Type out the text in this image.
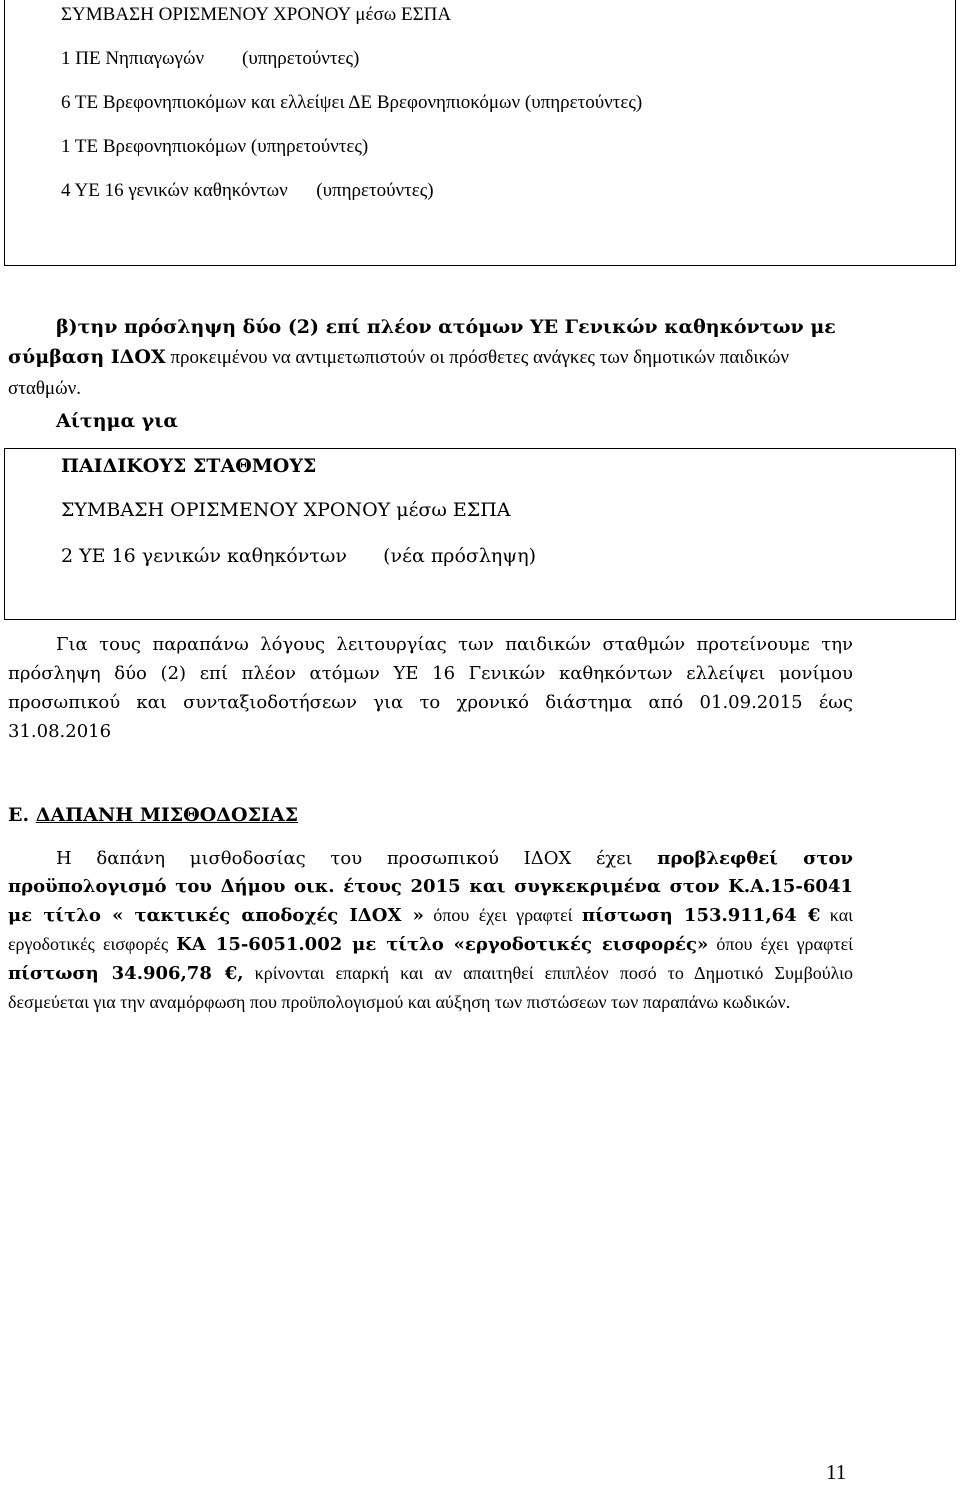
ΣΥΜΒΑΣΗ ΟΡΙΣΜΕΝΟΥ ΧΡΟΝΟΥ μέσω ΕΣΠΑ
1 ΠΕ Νηπιαγωγών        (υπηρετούντες)
6 ΤΕ Βρεφονηπιοκόμων και ελλείψει ΔΕ Βρεφονηπιοκόμων (υπηρετούντες)
1 ΤΕ Βρεφονηπιοκόμων (υπηρετούντες)
4 ΥΕ 16 γενικών καθηκόντων      (υπηρετούντες)
β)την πρόσληψη δύο (2) επί πλέον ατόμων ΥΕ Γενικών καθηκόντων με σύμβαση ΙΔΟΧ προκειμένου να αντιμετωπιστούν οι πρόσθετες ανάγκες των δημοτικών παιδικών σταθμών.
Αίτημα για
ΠΑΙΔΙΚΟΥΣ ΣΤΑΘΜΟΥΣ
ΣΥΜΒΑΣΗ ΟΡΙΣΜΕΝΟΥ ΧΡΟΝΟΥ μέσω ΕΣΠΑ
2 ΥΕ 16 γενικών καθηκόντων      (νέα πρόσληψη)
Για τους παραπάνω λόγους λειτουργίας των παιδικών σταθμών προτείνουμε την πρόσληψη δύο (2) επί πλέον ατόμων ΥΕ 16 Γενικών καθηκόντων ελλείψει μονίμου προσωπικού και συνταξιοδοτήσεων για το χρονικό διάστημα από 01.09.2015 έως 31.08.2016
Ε. ΔΑΠΑΝΗ ΜΙΣΘΟΔΟΣΙΑΣ
Η δαπάνη μισθοδοσίας του προσωπικού ΙΔΟΧ έχει προβλεφθεί στον προϋπολογισμό του Δήμου οικ. έτους 2015 και συγκεκριμένα στον Κ.Α.15-6041 με τίτλο « τακτικές αποδοχές ΙΔΟΧ » όπου έχει γραφτεί πίστωση 153.911,64 € και εργοδοτικές εισφορές ΚΑ 15-6051.002 με τίτλο «εργοδοτικές εισφορές» όπου έχει γραφτεί πίστωση 34.906,78 €, κρίνονται επαρκή και αν απαιτηθεί επιπλέον ποσό το Δημοτικό Συμβούλιο δεσμεύεται για την αναμόρφωση που προϋπολογισμού και αύξηση των πιστώσεων των παραπάνω κωδικών.
11
